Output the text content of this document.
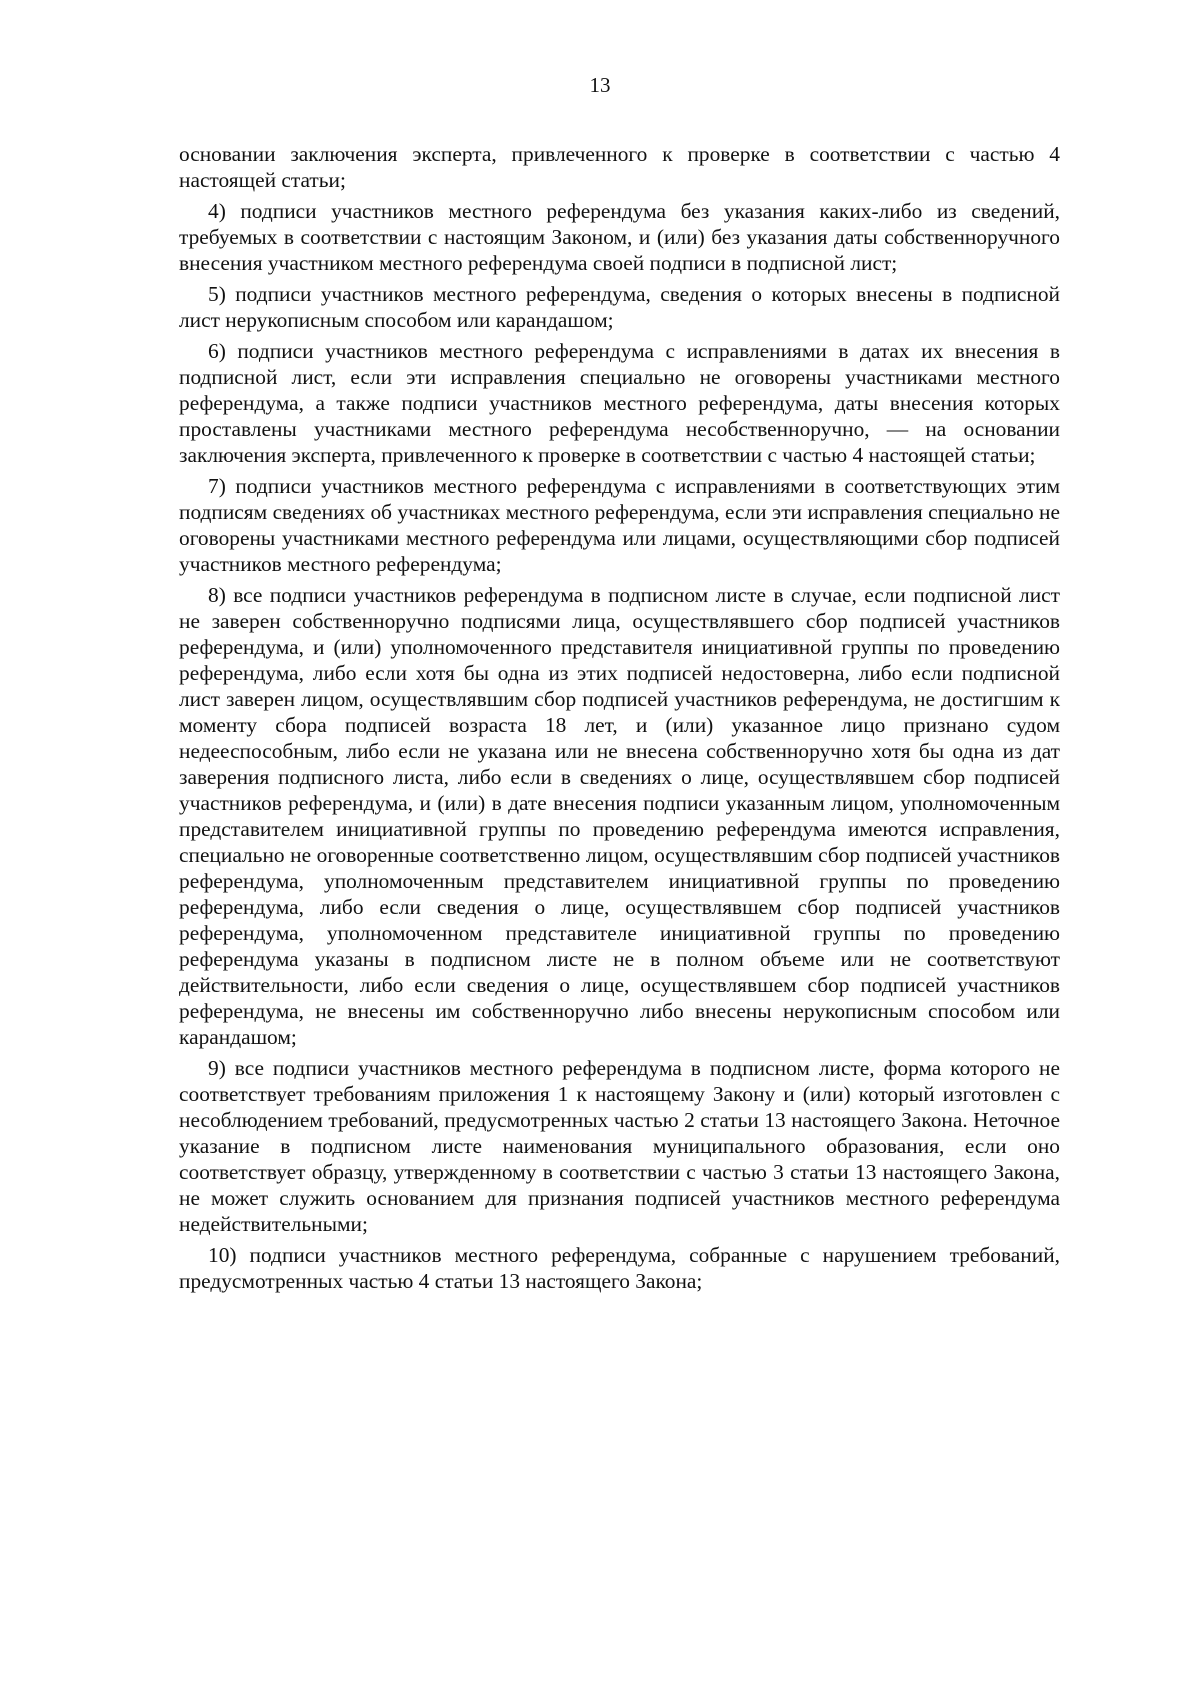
13

основании заключения эксперта, привлеченного к проверке в соответствии с частью 4 настоящей статьи;

4) подписи участников местного референдума без указания каких-либо из сведений, требуемых в соответствии с настоящим Законом, и (или) без указания даты собственноручного внесения участником местного референдума своей подписи в подписной лист;

5) подписи участников местного референдума, сведения о которых внесены в подписной лист нерукописным способом или карандашом;

6) подписи участников местного референдума с исправлениями в датах их внесения в подписной лист, если эти исправления специально не оговорены участниками местного референдума, а также подписи участников местного референдума, даты внесения которых проставлены участниками местного референдума несобственноручно, — на основании заключения эксперта, привлеченного к проверке в соответствии с частью 4 настоящей статьи;

7) подписи участников местного референдума с исправлениями в соответствующих этим подписям сведениях об участниках местного референдума, если эти исправления специально не оговорены участниками местного референдума или лицами, осуществляющими сбор подписей участников местного референдума;

8) все подписи участников референдума в подписном листе в случае, если подписной лист не заверен собственноручно подписями лица, осуществлявшего сбор подписей участников референдума, и (или) уполномоченного представителя инициативной группы по проведению референдума, либо если хотя бы одна из этих подписей недостоверна, либо если подписной лист заверен лицом, осуществлявшим сбор подписей участников референдума, не достигшим к моменту сбора подписей возраста 18 лет, и (или) указанное лицо признано судом недееспособным, либо если не указана или не внесена собственноручно хотя бы одна из дат заверения подписного листа, либо если в сведениях о лице, осуществлявшем сбор подписей участников референдума, и (или) в дате внесения подписи указанным лицом, уполномоченным представителем инициативной группы по проведению референдума имеются исправления, специально не оговоренные соответственно лицом, осуществлявшим сбор подписей участников референдума, уполномоченным представителем инициативной группы по проведению референдума, либо если сведения о лице, осуществлявшем сбор подписей участников референдума, уполномоченном представителе инициативной группы по проведению референдума указаны в подписном листе не в полном объеме или не соответствуют действительности, либо если сведения о лице, осуществлявшем сбор подписей участников референдума, не внесены им собственноручно либо внесены нерукописным способом или карандашом;

9) все подписи участников местного референдума в подписном листе, форма которого не соответствует требованиям приложения 1 к настоящему Закону и (или) который изготовлен с несоблюдением требований, предусмотренных частью 2 статьи 13 настоящего Закона. Неточное указание в подписном листе наименования муниципального образования, если оно соответствует образцу, утвержденному в соответствии с частью 3 статьи 13 настоящего Закона, не может служить основанием для признания подписей участников местного референдума недействительными;

10) подписи участников местного референдума, собранные с нарушением требований, предусмотренных частью 4 статьи 13 настоящего Закона;
